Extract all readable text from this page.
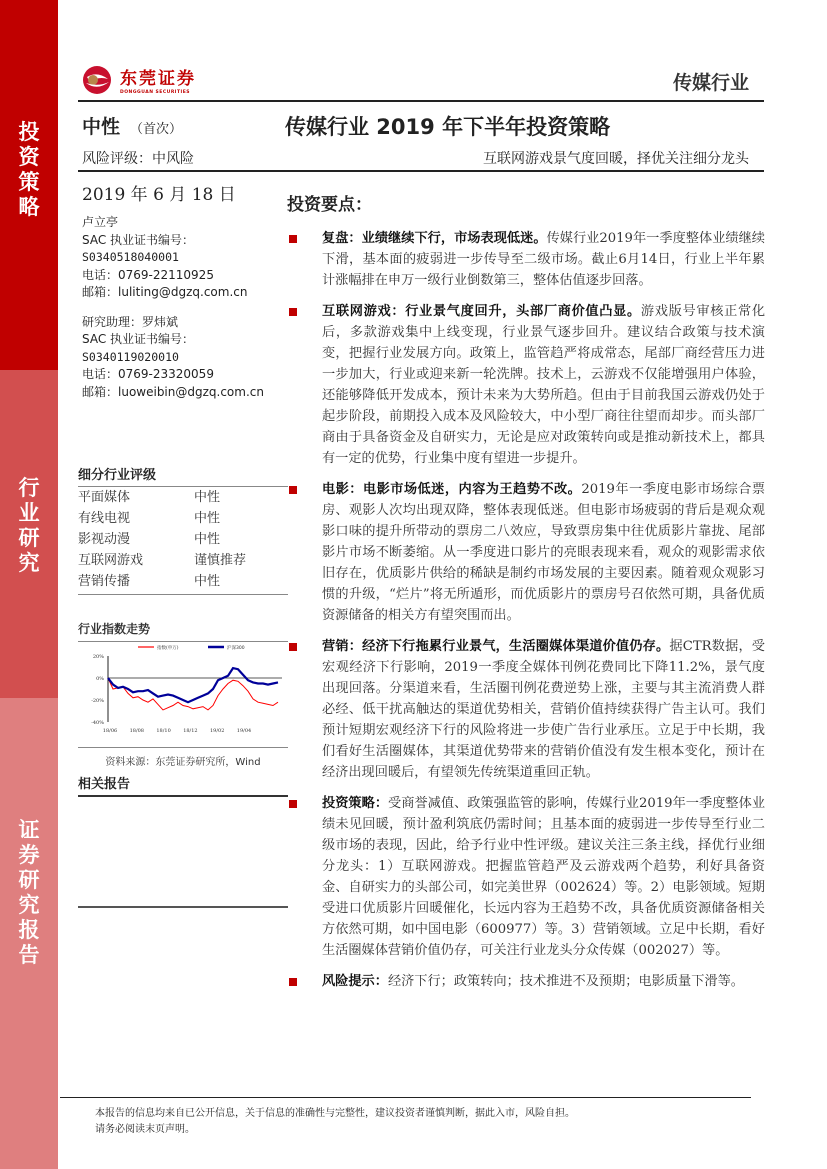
投资策略
行业研究
证券研究报告
东莞证券
DONGGUAN SECURITIES	传媒行业
中性 （首次）	传媒行业 2019 年下半年投资策略
风险评级：中风险	互联网游戏景气度回暖，择优关注细分龙头
2019 年 6 月 18 日
卢立亭
SAC 执业证书编号：
S0340518040001
电话：0769-22110925
邮箱：luliting@dgzq.com.cn
研究助理：罗炜斌
SAC 执业证书编号：
S0340119020010
电话：0769-23320059
邮箱：luoweibin@dgzq.com.cn
细分行业评级
平面媒体	中性
有线电视	中性
影视动漫	中性
互联网游戏	谨慎推荐
营销传播	中性
行业指数走势
指数(申万)	沪深300
20%
0%
-20%
-40%
18/06 18/08 18/10 18/12 19/02 19/04
资料来源：东莞证券研究所，Wind
相关报告
投资要点：
复盘：业绩继续下行，市场表现低迷。传媒行业2019年一季度整体业绩继续下滑，基本面的疲弱进一步传导至二级市场。截止6月14日，行业上半年累计涨幅排在申万一级行业倒数第三，整体估值逐步回落。
互联网游戏：行业景气度回升，头部厂商价值凸显。游戏版号审核正常化后，多款游戏集中上线变现，行业景气逐步回升。建议结合政策与技术演变，把握行业发展方向。政策上，监管趋严将成常态，尾部厂商经营压力进一步加大，行业或迎来新一轮洗牌。技术上，云游戏不仅能增强用户体验，还能够降低开发成本，预计未来为大势所趋。但由于目前我国云游戏仍处于起步阶段，前期投入成本及风险较大，中小型厂商往往望而却步。而头部厂商由于具备资金及自研实力，无论是应对政策转向或是推动新技术上，都具有一定的优势，行业集中度有望进一步提升。
电影：电影市场低迷，内容为王趋势不改。2019年一季度电影市场综合票房、观影人次均出现双降，整体表现低迷。但电影市场疲弱的背后是观众观影口味的提升所带动的票房二八效应，导致票房集中往优质影片靠拢、尾部影片市场不断萎缩。从一季度进口影片的亮眼表现来看，观众的观影需求依旧存在，优质影片供给的稀缺是制约市场发展的主要因素。随着观众观影习惯的升级，“烂片”将无所遁形，而优质影片的票房号召依然可期，具备优质资源储备的相关方有望突围而出。
营销：经济下行拖累行业景气，生活圈媒体渠道价值仍存。据CTR数据，受宏观经济下行影响，2019一季度全媒体刊例花费同比下降11.2%，景气度出现回落。分渠道来看，生活圈刊例花费逆势上涨，主要与其主流消费人群必经、低干扰高触达的渠道优势相关，营销价值持续获得广告主认可。我们预计短期宏观经济下行的风险将进一步使广告行业承压。立足于中长期，我们看好生活圈媒体，其渠道优势带来的营销价值没有发生根本变化，预计在经济出现回暖后，有望领先传统渠道重回正轨。
投资策略：受商誉减值、政策强监管的影响，传媒行业2019年一季度整体业绩未见回暖，预计盈利筑底仍需时间；且基本面的疲弱进一步传导至行业二级市场的表现，因此，给予行业中性评级。建议关注三条主线，择优行业细分龙头：1）互联网游戏。把握监管趋严及云游戏两个趋势，利好具备资金、自研实力的头部公司，如完美世界（002624）等。2）电影领域。短期受进口优质影片回暖催化，长远内容为王趋势不改，具备优质资源储备相关方依然可期，如中国电影（600977）等。3）营销领域。立足中长期，看好生活圈媒体营销价值仍存，可关注行业龙头分众传媒（002027）等。
风险提示：经济下行；政策转向；技术推进不及预期；电影质量下滑等。
本报告的信息均来自已公开信息，关于信息的准确性与完整性，建议投资者谨慎判断，据此入市，风险自担。
请务必阅读末页声明。
